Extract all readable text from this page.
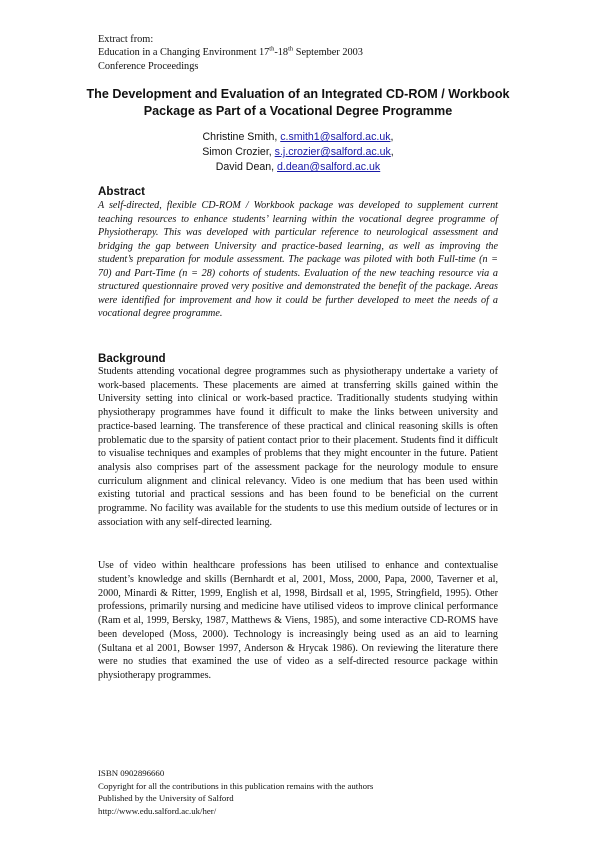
Extract from:
Education in a Changing Environment 17th-18th September 2003
Conference Proceedings
The Development and Evaluation of an Integrated CD-ROM / Workbook Package as Part of a Vocational Degree Programme
Christine Smith, c.smith1@salford.ac.uk,
Simon Crozier, s.j.crozier@salford.ac.uk,
David Dean, d.dean@salford.ac.uk
Abstract
A self-directed, flexible CD-ROM / Workbook package was developed to supplement current teaching resources to enhance students’ learning within the vocational degree programme of Physiotherapy. This was developed with particular reference to neurological assessment and bridging the gap between University and practice-based learning, as well as improving the student’s preparation for module assessment. The package was piloted with both Full-time (n = 70) and Part-Time (n = 28) cohorts of students. Evaluation of the new teaching resource via a structured questionnaire proved very positive and demonstrated the benefit of the package. Areas were identified for improvement and how it could be further developed to meet the needs of a vocational degree programme.
Background
Students attending vocational degree programmes such as physiotherapy undertake a variety of work-based placements. These placements are aimed at transferring skills gained within the University setting into clinical or work-based practice. Traditionally students studying within physiotherapy programmes have found it difficult to make the links between university and practice-based learning. The transference of these practical and clinical reasoning skills is often problematic due to the sparsity of patient contact prior to their placement. Students find it difficult to visualise techniques and examples of problems that they might encounter in the future. Patient analysis also comprises part of the assessment package for the neurology module to ensure curriculum alignment and clinical relevancy. Video is one medium that has been used within existing tutorial and practical sessions and has been found to be beneficial on the current programme. No facility was available for the students to use this medium outside of lectures or in association with any self-directed learning.
Use of video within healthcare professions has been utilised to enhance and contextualise student’s knowledge and skills (Bernhardt et al, 2001, Moss, 2000, Papa, 2000, Taverner et al, 2000, Minardi & Ritter, 1999, English et al, 1998, Birdsall et al, 1995, Stringfield, 1995). Other professions, primarily nursing and medicine have utilised videos to improve clinical performance (Ram et al, 1999, Bersky, 1987, Matthews & Viens, 1985), and some interactive CD-ROMS have been developed (Moss, 2000). Technology is increasingly being used as an aid to learning (Sultana et al 2001, Bowser 1997, Anderson & Hrycak 1986). On reviewing the literature there were no studies that examined the use of video as a self-directed resource package within physiotherapy programmes.
ISBN 0902896660
Copyright for all the contributions in this publication remains with the authors
Published by the University of Salford
http://www.edu.salford.ac.uk/her/
